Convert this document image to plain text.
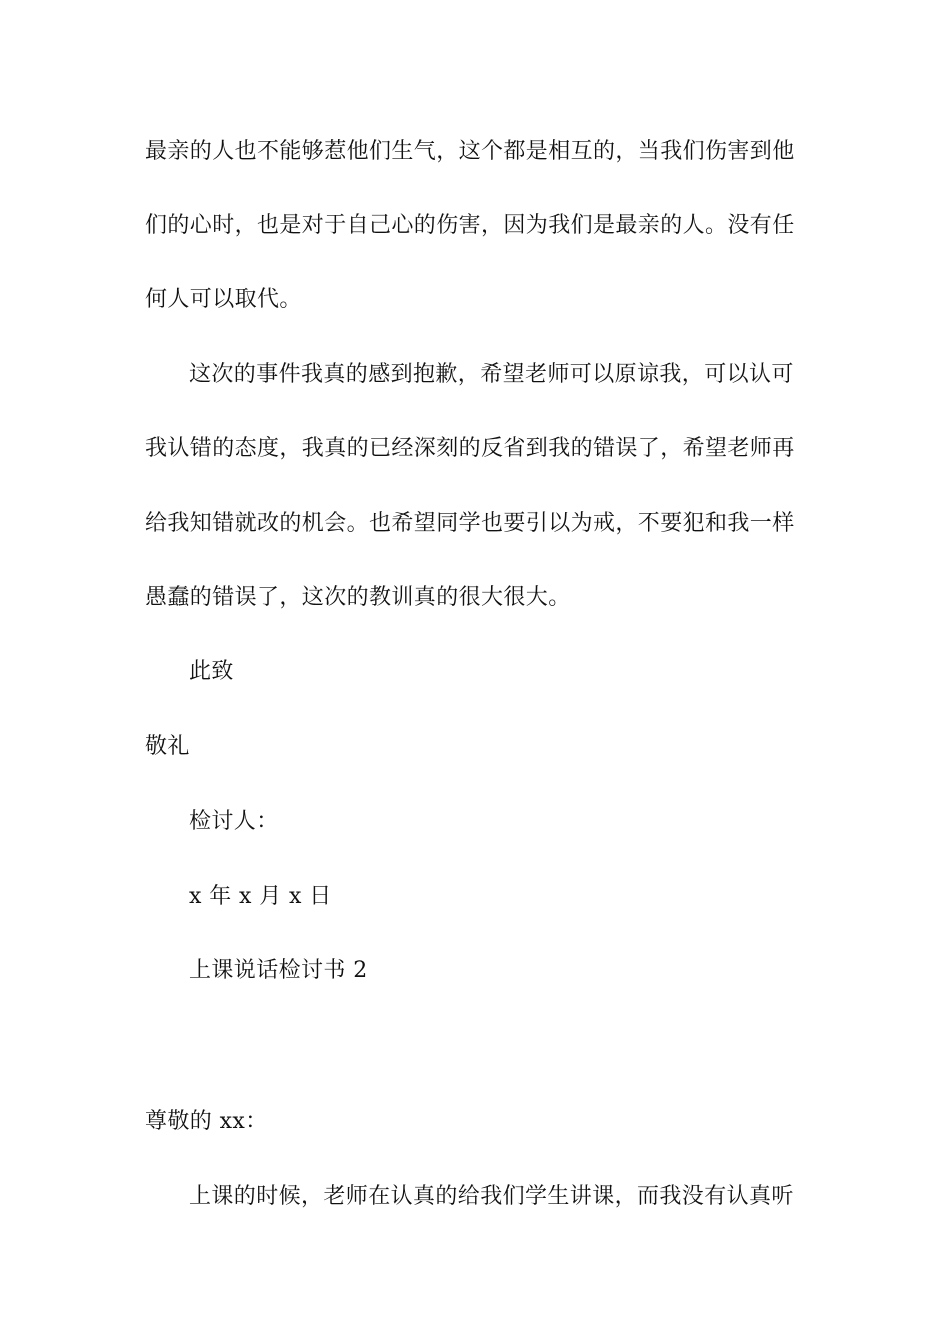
最亲的人也不能够惹他们生气，这个都是相互的，当我们伤害到他
们的心时，也是对于自己心的伤害，因为我们是最亲的人。没有任
何人可以取代。
这次的事件我真的感到抱歉，希望老师可以原谅我，可以认可
我认错的态度，我真的已经深刻的反省到我的错误了，希望老师再
给我知错就改的机会。也希望同学也要引以为戒，不要犯和我一样
愚蠢的错误了，这次的教训真的很大很大。
此致
敬礼
检讨人：
x 年 x 月 x 日
上课说话检讨书 2
尊敬的 xx：
上课的时候，老师在认真的给我们学生讲课，而我没有认真听
